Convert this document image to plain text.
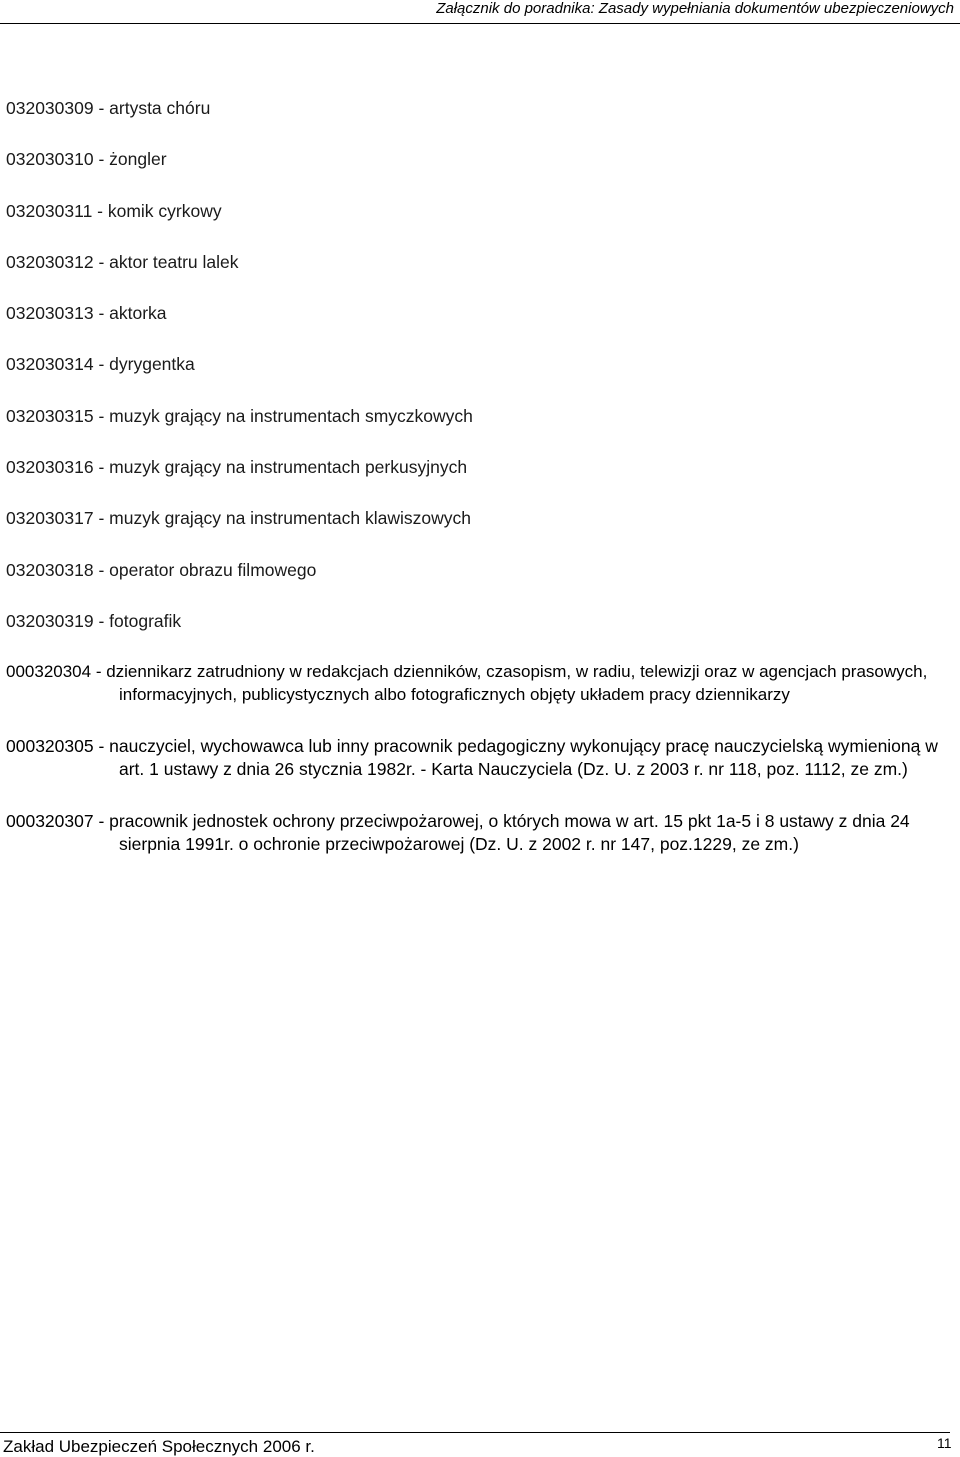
Załącznik do poradnika: Zasady wypełniania dokumentów ubezpieczeniowych
032030309 - artysta chóru
032030310 - żongler
032030311 - komik cyrkowy
032030312 - aktor teatru lalek
032030313 - aktorka
032030314 - dyrygentka
032030315 - muzyk grający na instrumentach smyczkowych
032030316 - muzyk grający na instrumentach perkusyjnych
032030317 - muzyk grający na instrumentach klawiszowych
032030318 - operator obrazu filmowego
032030319 - fotografik
000320304 - dziennikarz zatrudniony w redakcjach dzienników, czasopism, w radiu, telewizji oraz w agencjach prasowych, informacyjnych, publicystycznych albo fotograficznych objęty układem pracy dziennikarzy
000320305 - nauczyciel, wychowawca lub inny pracownik pedagogiczny wykonujący pracę nauczycielską wymienioną w art. 1 ustawy z dnia 26 stycznia 1982r. - Karta Nauczyciela (Dz. U. z 2003 r. nr 118, poz. 1112, ze zm.)
000320307 - pracownik jednostek ochrony przeciwpożarowej, o których mowa w art. 15 pkt 1a-5 i 8 ustawy z dnia 24 sierpnia 1991r. o ochronie przeciwpożarowej (Dz. U. z 2002 r. nr 147, poz.1229, ze zm.)
Zakład Ubezpieczeń Społecznych 2006 r.	11
